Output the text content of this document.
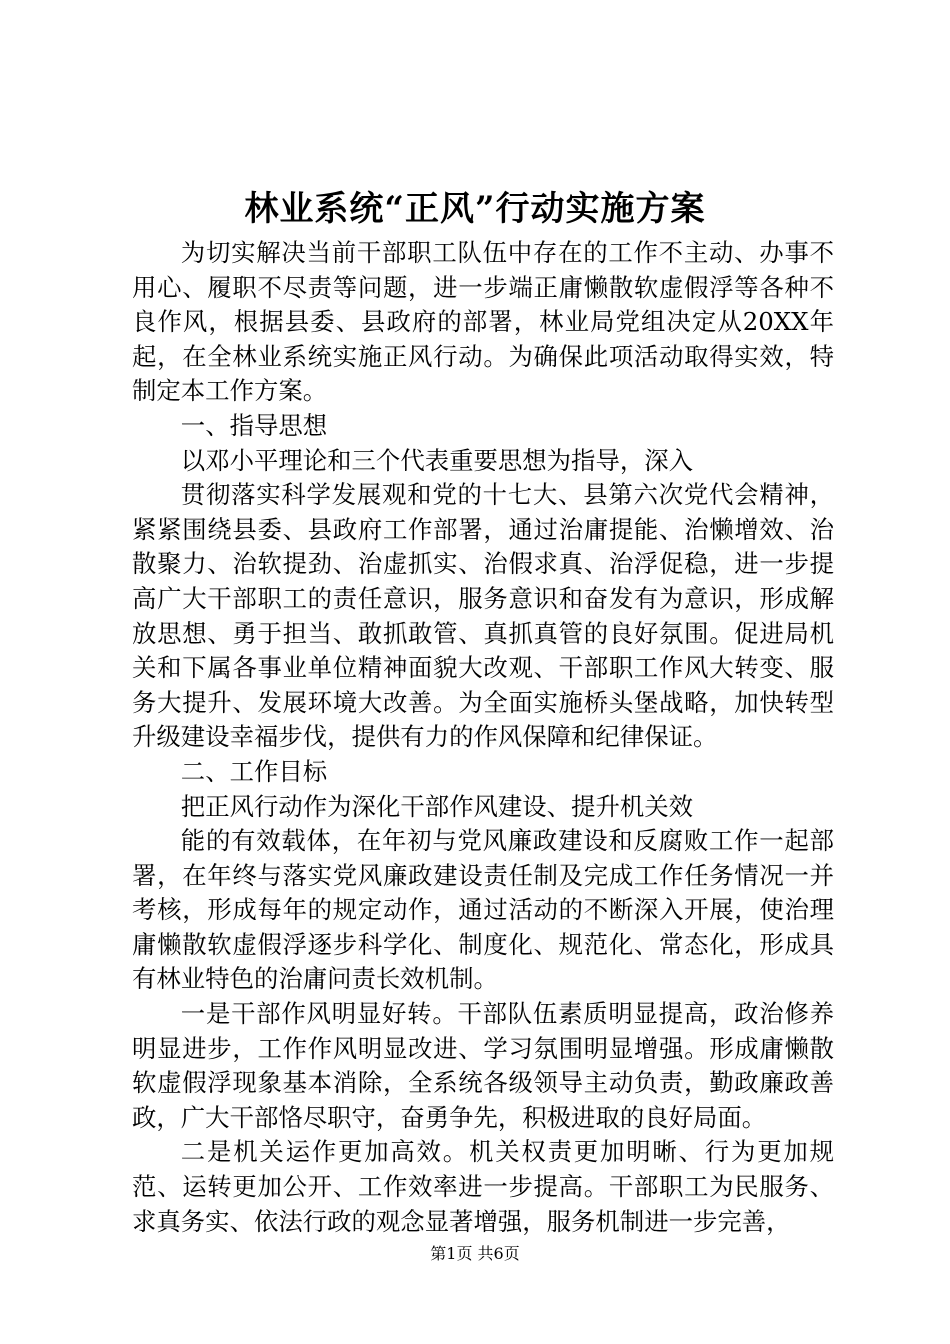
林业系统“正风”行动实施方案

为切实解决当前干部职工队伍中存在的工作不主动、办事不用心、履职不尽责等问题，进一步端正庸懒散软虚假浮等各种不良作风，根据县委、县政府的部署，林业局党组决定从20XX年起，在全林业系统实施正风行动。为确保此项活动取得实效，特制定本工作方案。

一、指导思想

以邓小平理论和三个代表重要思想为指导，深入

贯彻落实科学发展观和党的十七大、县第六次党代会精神，紧紧围绕县委、县政府工作部署，通过治庸提能、治懒增效、治散聚力、治软提劲、治虚抓实、治假求真、治浮促稳，进一步提高广大干部职工的责任意识，服务意识和奋发有为意识，形成解放思想、勇于担当、敢抓敢管、真抓真管的良好氛围。促进局机关和下属各事业单位精神面貌大改观、干部职工作风大转变、服务大提升、发展环境大改善。为全面实施桥头堡战略，加快转型升级建设幸福步伐，提供有力的作风保障和纪律保证。

二、工作目标

把正风行动作为深化干部作风建设、提升机关效

能的有效载体，在年初与党风廉政建设和反腐败工作一起部署，在年终与落实党风廉政建设责任制及完成工作任务情况一并考核，形成每年的规定动作，通过活动的不断深入开展，使治理庸懒散软虚假浮逐步科学化、制度化、规范化、常态化，形成具有林业特色的治庸问责长效机制。

一是干部作风明显好转。干部队伍素质明显提高，政治修养明显进步，工作作风明显改进、学习氛围明显增强。形成庸懒散软虚假浮现象基本消除，全系统各级领导主动负责，勤政廉政善政，广大干部恪尽职守，奋勇争先，积极进取的良好局面。

二是机关运作更加高效。机关权责更加明晰、行为更加规范、运转更加公开、工作效率进一步提高。干部职工为民服务、求真务实、依法行政的观念显著增强，服务机制进一步完善，

第1页 共6页
